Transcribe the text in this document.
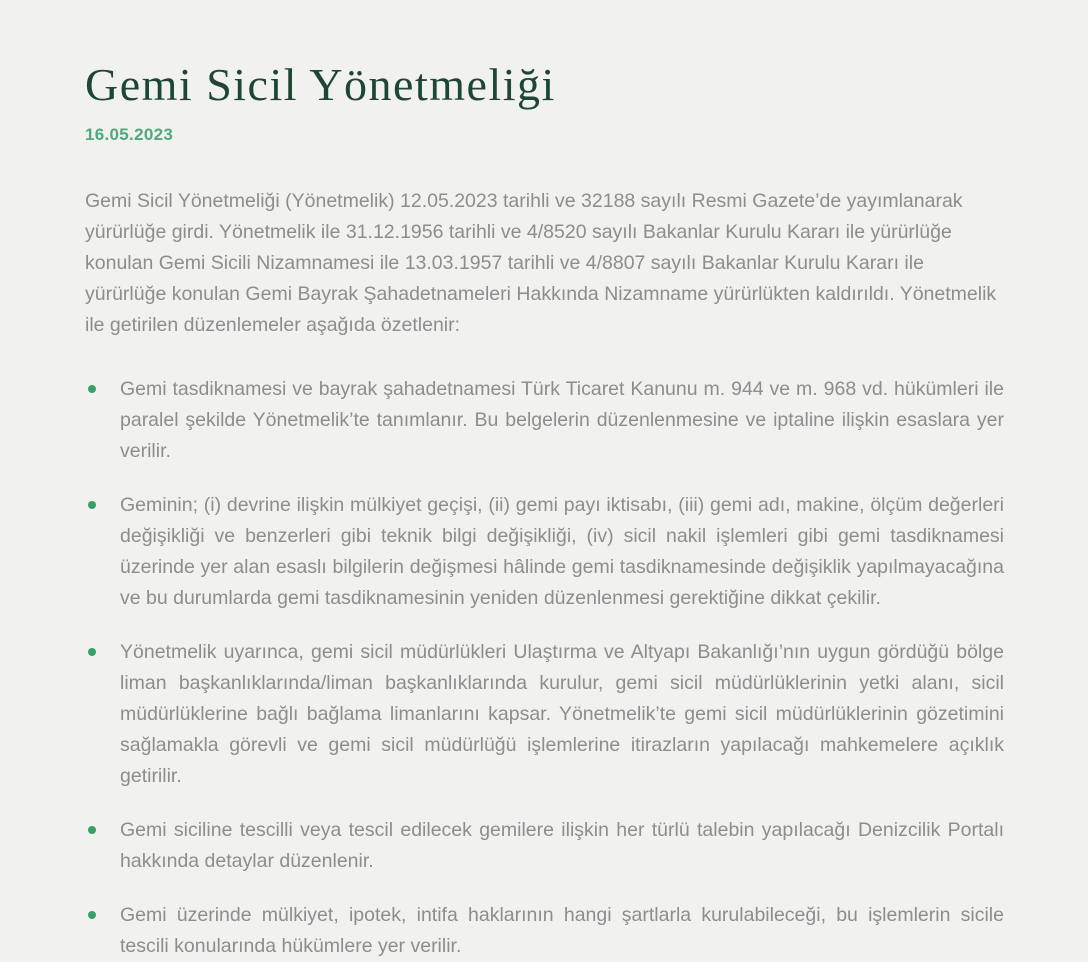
Gemi Sicil Yönetmeliği
16.05.2023

Gemi Sicil Yönetmeliği (Yönetmelik) 12.05.2023 tarihli ve 32188 sayılı Resmi Gazete’de yayımlanarak yürürlüğe girdi. Yönetmelik ile 31.12.1956 tarihli ve 4/8520 sayılı Bakanlar Kurulu Kararı ile yürürlüğe konulan Gemi Sicili Nizamnamesi ile 13.03.1957 tarihli ve 4/8807 sayılı Bakanlar Kurulu Kararı ile yürürlüğe konulan Gemi Bayrak Şahadetnameleri Hakkında Nizamname yürürlükten kaldırıldı. Yönetmelik ile getirilen düzenlemeler aşağıda özetlenir:

Gemi tasdiknamesi ve bayrak şahadetnamesi Türk Ticaret Kanunu m. 944 ve m. 968 vd. hükümleri ile paralel şekilde Yönetmelik’te tanımlanır. Bu belgelerin düzenlenmesine ve iptaline ilişkin esaslara yer verilir.
Geminin; (i) devrine ilişkin mülkiyet geçişi, (ii) gemi payı iktisabı, (iii) gemi adı, makine, ölçüm değerleri değişikliği ve benzerleri gibi teknik bilgi değişikliği, (iv) sicil nakil işlemleri gibi gemi tasdiknamesi üzerinde yer alan esaslı bilgilerin değişmesi hâlinde gemi tasdiknamesinde değişiklik yapılmayacağına ve bu durumlarda gemi tasdiknamesinin yeniden düzenlenmesi gerektiğine dikkat çekilir.
Yönetmelik uyarınca, gemi sicil müdürlükleri Ulaştırma ve Altyapı Bakanlığı’nın uygun gördüğü bölge liman başkanlıklarında/liman başkanlıklarında kurulur, gemi sicil müdürlüklerinin yetki alanı, sicil müdürlüklerine bağlı bağlama limanlarını kapsar. Yönetmelik’te gemi sicil müdürlüklerinin gözetimini sağlamakla görevli ve gemi sicil müdürlüğü işlemlerine itirazların yapılacağı mahkemelere açıklık getirilir.
Gemi siciline tescilli veya tescil edilecek gemilere ilişkin her türlü talebin yapılacağı Denizcilik Portalı hakkında detaylar düzenlenir.
Gemi üzerinde mülkiyet, ipotek, intifa haklarının hangi şartlarla kurulabileceği, bu işlemlerin sicile tescili konularında hükümlere yer verilir.
